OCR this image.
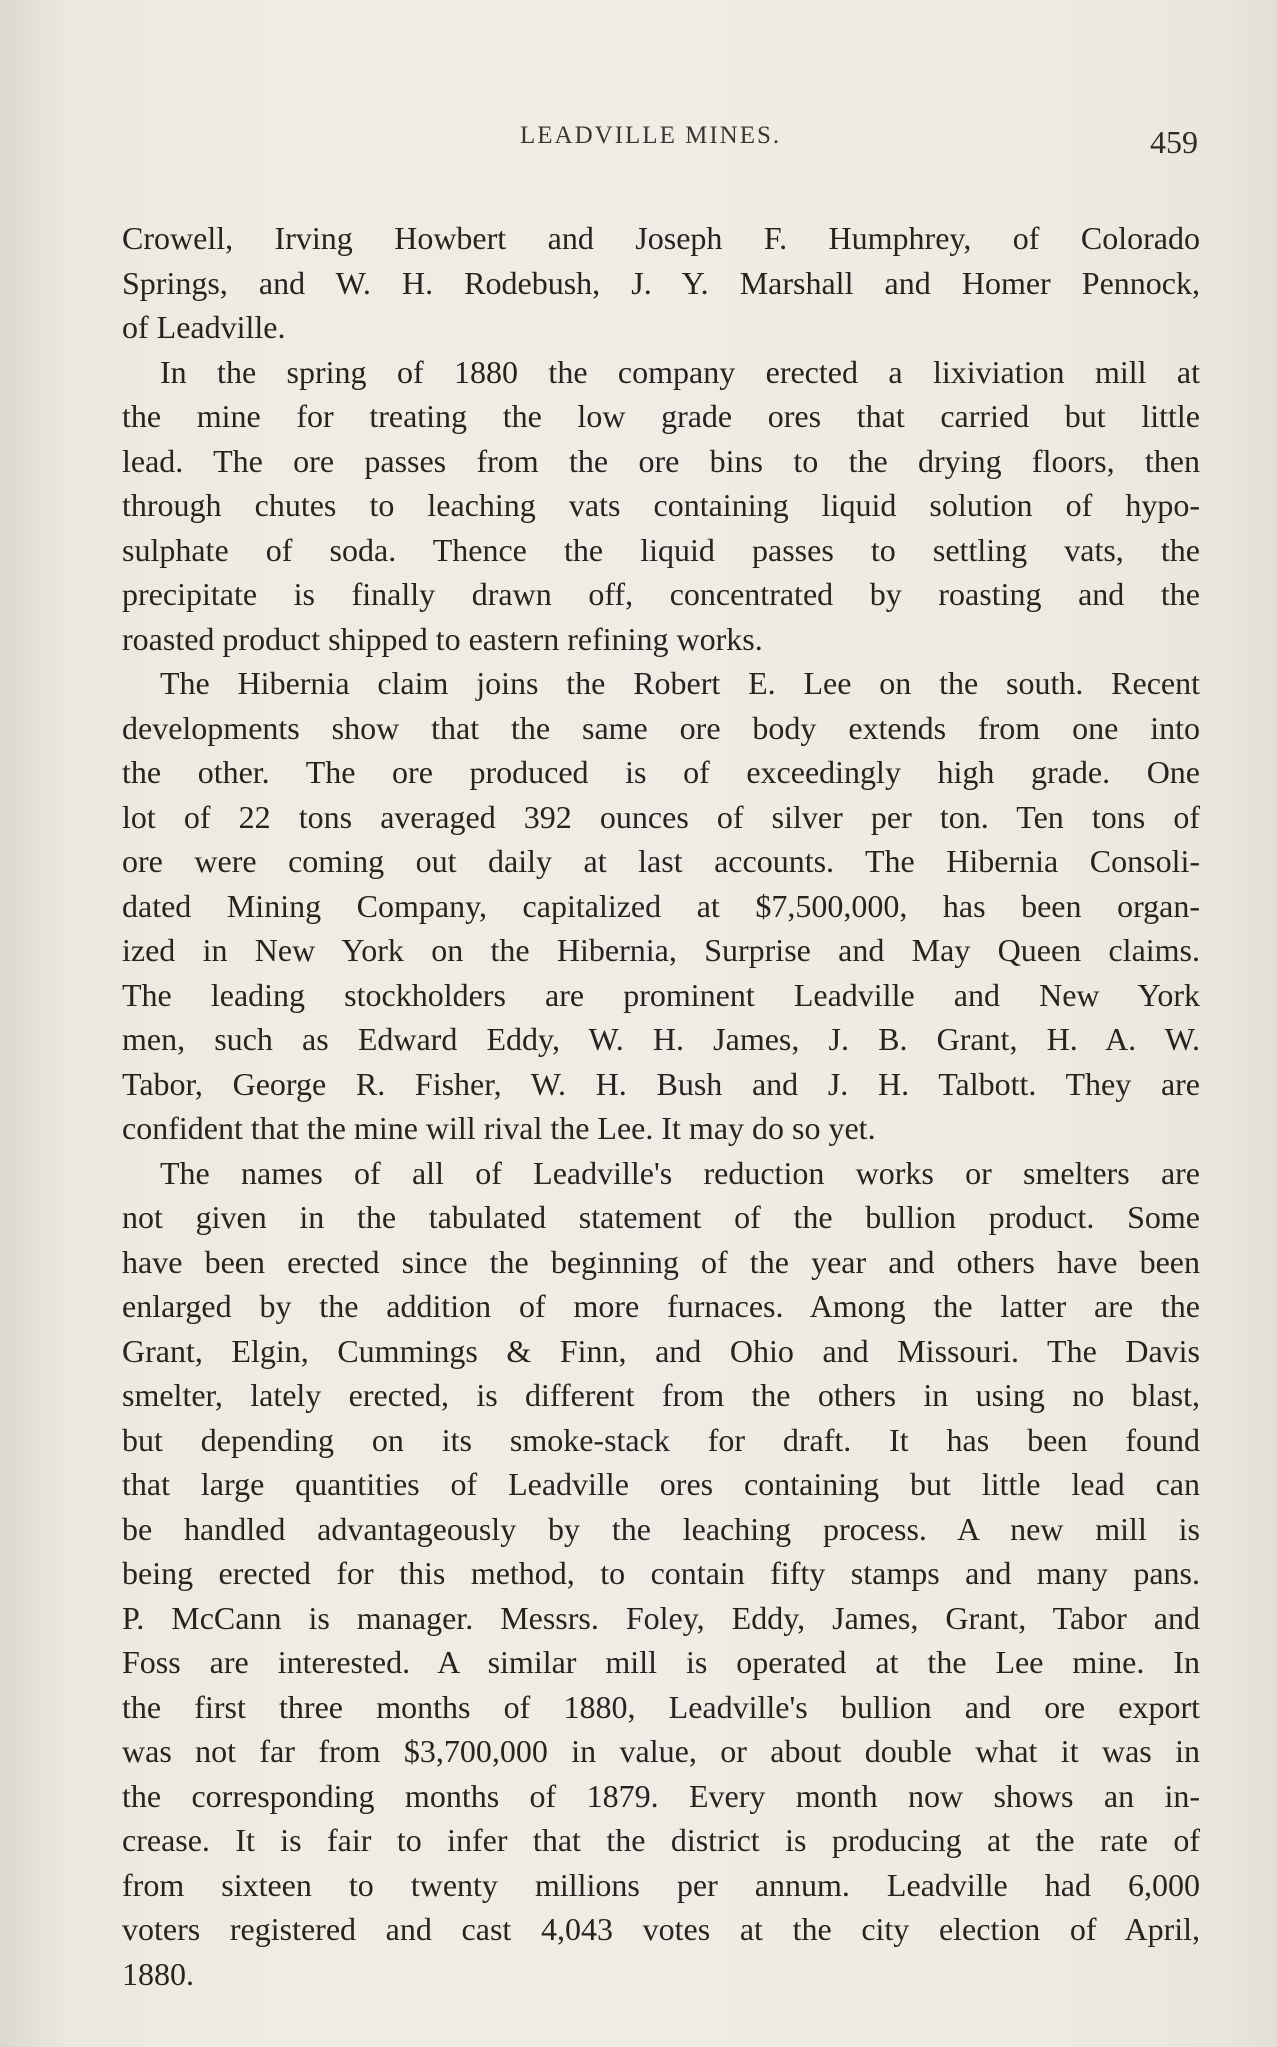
LEADVILLE MINES.	459
Crowell, Irving Howbert and Joseph F. Humphrey, of Colorado
Springs, and W. H. Rodebush, J. Y. Marshall and Homer Pennock,
of Leadville.
In the spring of 1880 the company erected a lixiviation mill at
the mine for treating the low grade ores that carried but little
lead. The ore passes from the ore bins to the drying floors, then
through chutes to leaching vats containing liquid solution of hypo-
sulphate of soda. Thence the liquid passes to settling vats, the
precipitate is finally drawn off, concentrated by roasting and the
roasted product shipped to eastern refining works.
The Hibernia claim joins the Robert E. Lee on the south. Recent
developments show that the same ore body extends from one into
the other. The ore produced is of exceedingly high grade. One
lot of 22 tons averaged 392 ounces of silver per ton. Ten tons of
ore were coming out daily at last accounts. The Hibernia Consoli-
dated Mining Company, capitalized at $7,500,000, has been organ-
ized in New York on the Hibernia, Surprise and May Queen claims.
The leading stockholders are prominent Leadville and New York
men, such as Edward Eddy, W. H. James, J. B. Grant, H. A. W.
Tabor, George R. Fisher, W. H. Bush and J. H. Talbott. They are
confident that the mine will rival the Lee. It may do so yet.
The names of all of Leadville's reduction works or smelters are
not given in the tabulated statement of the bullion product. Some
have been erected since the beginning of the year and others have been
enlarged by the addition of more furnaces. Among the latter are the
Grant, Elgin, Cummings & Finn, and Ohio and Missouri. The Davis
smelter, lately erected, is different from the others in using no blast,
but depending on its smoke-stack for draft. It has been found
that large quantities of Leadville ores containing but little lead can
be handled advantageously by the leaching process. A new mill is
being erected for this method, to contain fifty stamps and many pans.
P. McCann is manager. Messrs. Foley, Eddy, James, Grant, Tabor and
Foss are interested. A similar mill is operated at the Lee mine. In
the first three months of 1880, Leadville's bullion and ore export
was not far from $3,700,000 in value, or about double what it was in
the corresponding months of 1879. Every month now shows an in-
crease. It is fair to infer that the district is producing at the rate of
from sixteen to twenty millions per annum. Leadville had 6,000
voters registered and cast 4,043 votes at the city election of April,
1880.
